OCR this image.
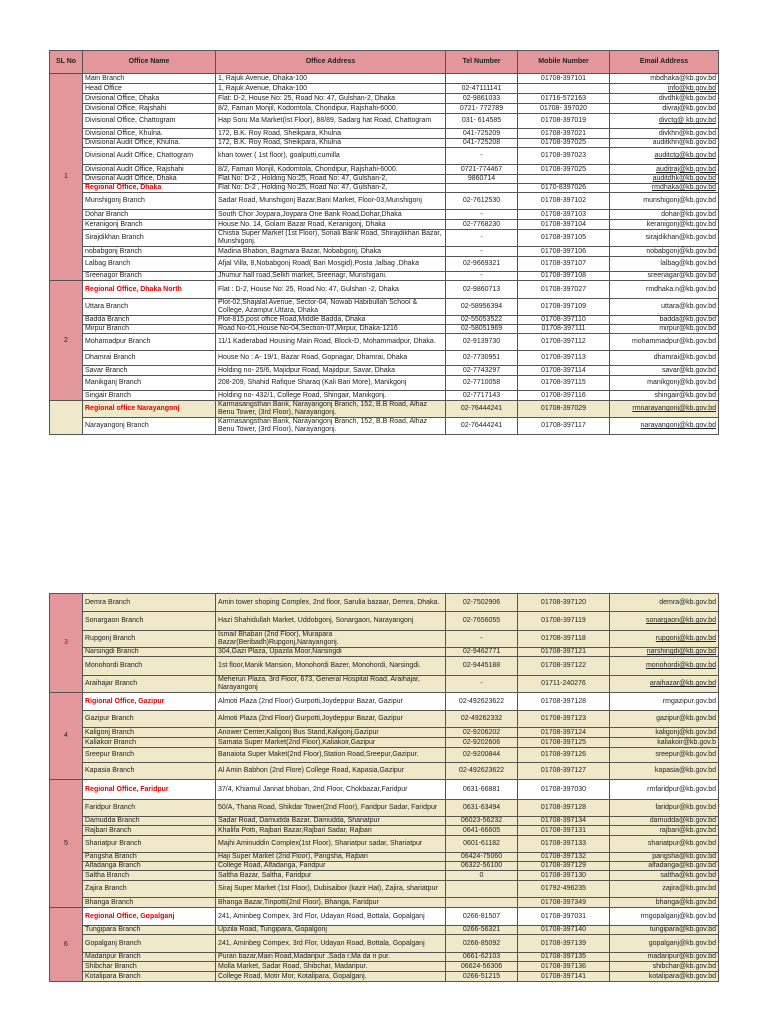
SL No	Office Name	Office Address	Tel Number	Mobile Number	Email Address
1	Main Branch	1, Rajuk Avenue, Dhaka-100		01708-397101	mbdhaka@kb.gov.bd
	Head Office	1, Rajuk Avenue, Dhaka-100	02-47111141		info@kb.gov.bd
	Divisional Office, Dhaka	Flat: D-2, House No: 25, Road No: 47, Gulshan-2, Dhaka	02-9861033	01716-572163	divdhk@kb.gov.bd
	Divisional Office, Rajshahi	8/2, Faman Monjil, Kodomtola, Chondipur, Rajshahi-6000.	0721- 772789	01708- 397020	divraj@kb.gov.bd
	Divisional Office, Chattogram	Hap Soru Ma Market(Ist Floor), 88/89, Sadarg hat Road, Chattogram	031- 614585	01708-397019	divctg@ kb.gov.bd
	Divisional Office, Khulna.	172, B.K. Roy Road, Sheikpara, Khulna	041-725209	01708-397021	divkhn@kb.gov.bd
	Divisional Audit Office, Khulna.	172, B.K. Roy Road, Sheikpara, Khulna	041-725208	01708-397025	auditkhn@kb.gov.bd
	Divisional Audit Office, Chattogram	khan tower ( 1st floor), goalputti,cumilla	-	01708-397023	auditctg@kb.gov.bd
	Divisional Audit Office, Rajshahi	8/2, Faman Monjil, Kodomtola, Chondipur, Rajshahi-6000.	0721-774467	01708-397025	auditraj@kb.gov.bd
	Divisional Audit Office, Dhaka	Flat No: D-2 , Holding No:25, Road No: 47, Gulshan-2,	9860714		auditdhk@kb.gov.bd
	Regional Office, Dhaka	Flat No: D-2 , Holding No:25, Road No: 47, Gulshan-2,		0170-8397026	rmdhaka@kb.gov.bd
	Munshigonj Branch	Sadar Road, Munshigonj Bazar,Bani Market, Floor-03,Munshigonj	02-7612530	01708-397102	munshigonj@kb.gov.bd
	Dohar Branch	South Chor Joypara,Joypara One Bank Road,Dohar,Dhaka	-	01708-397103	dohar@kb.gov.bd
	Keranigonj Branch	House No. 14, Golam Bazar Road, Keranigonj, Dhaka	02-7768230	01708-397104	keranigonj@kb.gov.bd
	Sirajdikhan Branch	Chistia Super Market (1st Floor), Sonali Bank Road, Shirajdikhan Bazar, Munshigonj.	-	01708-397105	sirajdikhan@kb.gov.bd
	nobabgonj Branch	Madina Bhabon, Bagmara Bazar, Nobabgonj, Dhaka	-	01708-397106	nobabgonj@kb.gov.bd
	Lalbag Branch	Afjal Villa, 8,Nobabgonj Road( Bari Mosgid),Posta ,lalbag ,Dhaka	02-9669321	01708-397107	lalbag@kb.gov.bd
	Sreenagor Branch	Jhumur hall road,Selkh market, Sreenagr, Munshigani.	-	01708-397108	sreenagar@kb.gov.bd
2	Regional Office, Dhaka North	Flat : D-2, House No: 25, Road No: 47, Gulshan -2, Dhaka	02-9860713	01708-397027	rmdhaka.n@kb.gov.bd
	Uttara Branch	Plot-02,Shajalal Avenue, Sector-04, Nowab Habibullah School & College, Azampur,Uttara, Dhaka	02-58956394	01708-397109	uttara@kb.gov.bd
	Badda Branch	Plot-815,post office Road,Middle Badda, Dhaka	02-55053522	01708-397110	badda@kb.gov.bd
	Mirpur Branch	Road No-01,House No-04,Section-07,Mirpur, Dhaka-1216	02-58051969	01708-397111	mirpur@kb.gov.bd
	Mohamadpur Branch	11/1 Kaderabad Housing Main Road, Block-D, Mohammadpur, Dhaka.	02-9139730	01708-397112	mohammadpur@kb.gov.bd
	Dhamrai Branch	House No : A- 19/1, Bazar Road, Gopnagar, Dhamrai, Dhaka	02-7730951	01708-397113	dhamrai@kb.gov.bd
	Savar Branch	Holding no- 25/6, Majidpur Road, Majidpur, Savar, Dhaka	02-7743297	01708-397114	savar@kb.gov.bd
	Manikganj Branch	208-209, Shahid Rafique Sharaq (Kali Bari More), Manikgonj	02-7710058	01708-397115	manikgonj@kb.gov.bd
	Singair Branch	Holding no- 432/1, College Road, Shingair, Manikgonj.	02-7717143	01708-397116	shingair@kb.gov.bd
	Regional office Narayangonj	Karmasangsthan Bank, Narayangonj Branch, 152, B.B Road, Alhaz Benu Tower, (3rd Floor), Narayangonj.	02-76444241	01708-397029	rmnarayangonj@kb.gov.bd
	Narayangonj Branch	Karmasangsthan Bank, Narayangonj Branch, 152, B.B Road, Alhaz Benu Tower, (3rd Floor), Narayangonj.	02-76444241	01708-397117	narayangonj@kb.gov.bd
3	Demra Branch	Amin tower shoping Complex, 2nd floor, Sarulia bazaar, Demra, Dhaka.	02-7502906	01708-397120	demra@kb.gov.bd
	Sonargaon Branch	Hazi Shahidullah Market, Uddobgonj, Sonargaon, Narayangonj	02-7656055	01708-397119	sonargaon@kb.gov.bd
	Rupgonj Branch	Ismail Bhaban (2nd Floor), Murapara Bazar(Beribadh)Rupgonj,Narayangonj.	-	01708-397118	rupgonj@kb.gov.bd
	Narsingdi Branch	304,Gazi Plaza, Upazila Moor,Narsingdi	02-9462771	01708-397121	narshingdi@kb.gov.bd
	Monohordi Branch	1st floor,Manik Mansion, Monohordi Bazer, Monohordi, Narsingdi.	02-9445188	01708-397122	monohordi@kb.gov.bd
	Araihajar Branch	Meherun Plaza, 3rd Floor, 673, General Hospital Road, Araihajar, Narayangonj	-	01711-240276	araihazar@kb.gov.bd
4	Rigional Office, Gazipur	Almoti Plaza (2nd Floor) Gurpotti,Joydeppur Bazar, Gazipur	02-492623622	01708-397128	rmgazipur.gov.bd
	Gazipur Branch	Almoti Plaza (2nd Floor) Gurpotti,Joydeppur Bazar, Gazipur	02-49262332	01708-397123	gazipur@kb.gov.bd
	Kaligonj Branch	Anower Center,Kaligonj Bus Stand,Kaligonj,Gazipur	02-9206202	01708-397124	kaligonj@kb.gov.bd
	Kaliakoir Branch	Samata Super Market(2nd Floor),Kaliakoir,Gazipur	02-9202606	01708-397125	kaliakoir@kb.gov.b
	Sreepur Branch	Banaiota Super Maket(2nd Floor),Station Road,Sreepur,Gazipur.	02-9200844	01708-397126	sreepur@kb.gov.bd
	Kapasia Branch	Al Amin Babhon (2nd Flore) College Road, Kapasia,Gazipur	02-492623622	01708-397127	kapasia@kb.gov.bd
5	Regional Office, Faridpur	37/4, Khiamul Jannat bhoban, 2nd Floor, Chokbazar,Faridpur	0631-66881	01708-397030	rmfaridpur@kb.gov.bd
	Faridpur Branch	50/A, Thana Road, Shikdar Tower(2nd Floor), Faridpur Sadar, Faridpur	0631-63494	01708-397128	faridpur@kb.gov.bd
	Damudda Branch	Sadar Road, Damudda Bazar, Damudda, Shariatpur	06023-56232	01708-397134	damudda@kb.gov.bd
	Rajbari Branch	Khalifa Potti, Rajbari Bazar,Rajbari Sadar, Rajbari	0641-66605	01708-397131	rajbari@kb.gov.bd
	Shariatpur Branch	Majhi Aminuddin Complex(1st Floor), Shariatpur sadar, Shariatpur	0601-61182	01708-397133	shariatpur@kb.gov.bd
	Pangsha Branch	Haji Super Market (2nd Floor), Pangsha, Rajbari	06424-75060	01708-397132	pangsha@kb.gov.bd
	Alfadanga Branch	College Road, Alfadanga, Faridpur	06322-56100	01708-397129	alfadanga@kb.gov.bd
	Saltha Branch	Saltha Bazar, Saltha, Faridpur	0	01708-397130	saltha@kb.gov.bd
	Zajira Branch	Siraj Super Market (1st Floor), Dubisaibor (kazir Hat), Zajira, shariatpur		01792-496235	zajira@kb.gov.bd
	Bhanga Branch	Bhanga Bazar,Tinpotti(2nd Floor), Bhanga, Faridpur		01708-397349	bhanga@kb.gov.bd
6	Regional Office, Gopalganj	241, Aminbeg Compex, 3rd Flor, Udayan Road, Bottala, Gopalganj	0266-81507	01708-397031	rmgopalganj@kb.gov.bd
	Tungipara Branch	Upzila Road, Tungipara, Gopalgonj	0266-56321	01708-397140	tungipara@kb.gov.bd
	Gopalganj Branch	241, Aminbeg Compex, 3rd Flor, Udayan Road, Bottala, Gopalganj	0266-85092	01708-397139	gopalganj@kb.gov.bd
	Madaripur Branch	Puran bazar,Main Road,Madaripur ,Sada r,Ma da ri pur.	0661-62103	01708-397135	madaripur@kb.gov.bd
	Shibchar Branch	Molla Market, Sadar Road, Shibchar, Madaripur.	06624-56306	01708-397136	shibchar@kb.gov.bd
	Kotalipara Branch	College Road, Motir Mor, Kotalipara, Gopalganj.	0266-51215	01708-397141	kotalipara@kb.gov.bd
